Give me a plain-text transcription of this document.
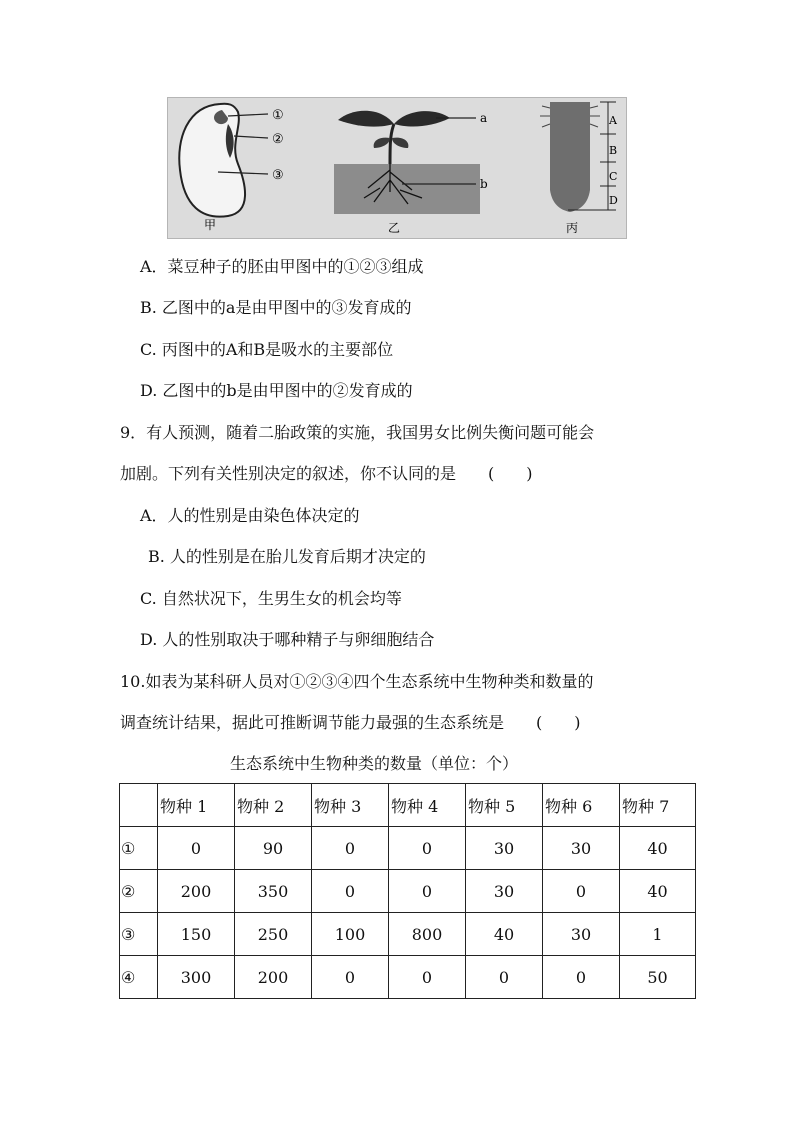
①
②
③
甲
a
b
乙
A
B
C
D
丙
A．菜豆种子的胚由甲图中的①②③组成
B. 乙图中的a是由甲图中的③发育成的
C. 丙图中的A和B是吸水的主要部位
D. 乙图中的b是由甲图中的②发育成的
9．有人预测，随着二胎政策的实施，我国男女比例失衡问题可能会
加剧。下列有关性别决定的叙述，你不认同的是　　(　　)
A．人的性别是由染色体决定的
B. 人的性别是在胎儿发育后期才决定的
C. 自然状况下，生男生女的机会均等
D. 人的性别取决于哪种精子与卵细胞结合
10.如表为某科研人员对①②③④四个生态系统中生物种类和数量的
调查统计结果，据此可推断调节能力最强的生态系统是　　(　　)
生态系统中生物种类的数量（单位：个）
	物种 1	物种 2	物种 3	物种 4	物种 5	物种 6	物种 7
①	0	90	0	0	30	30	40
②	200	350	0	0	30	0	40
③	150	250	100	800	40	30	1
④	300	200	0	0	0	0	50
